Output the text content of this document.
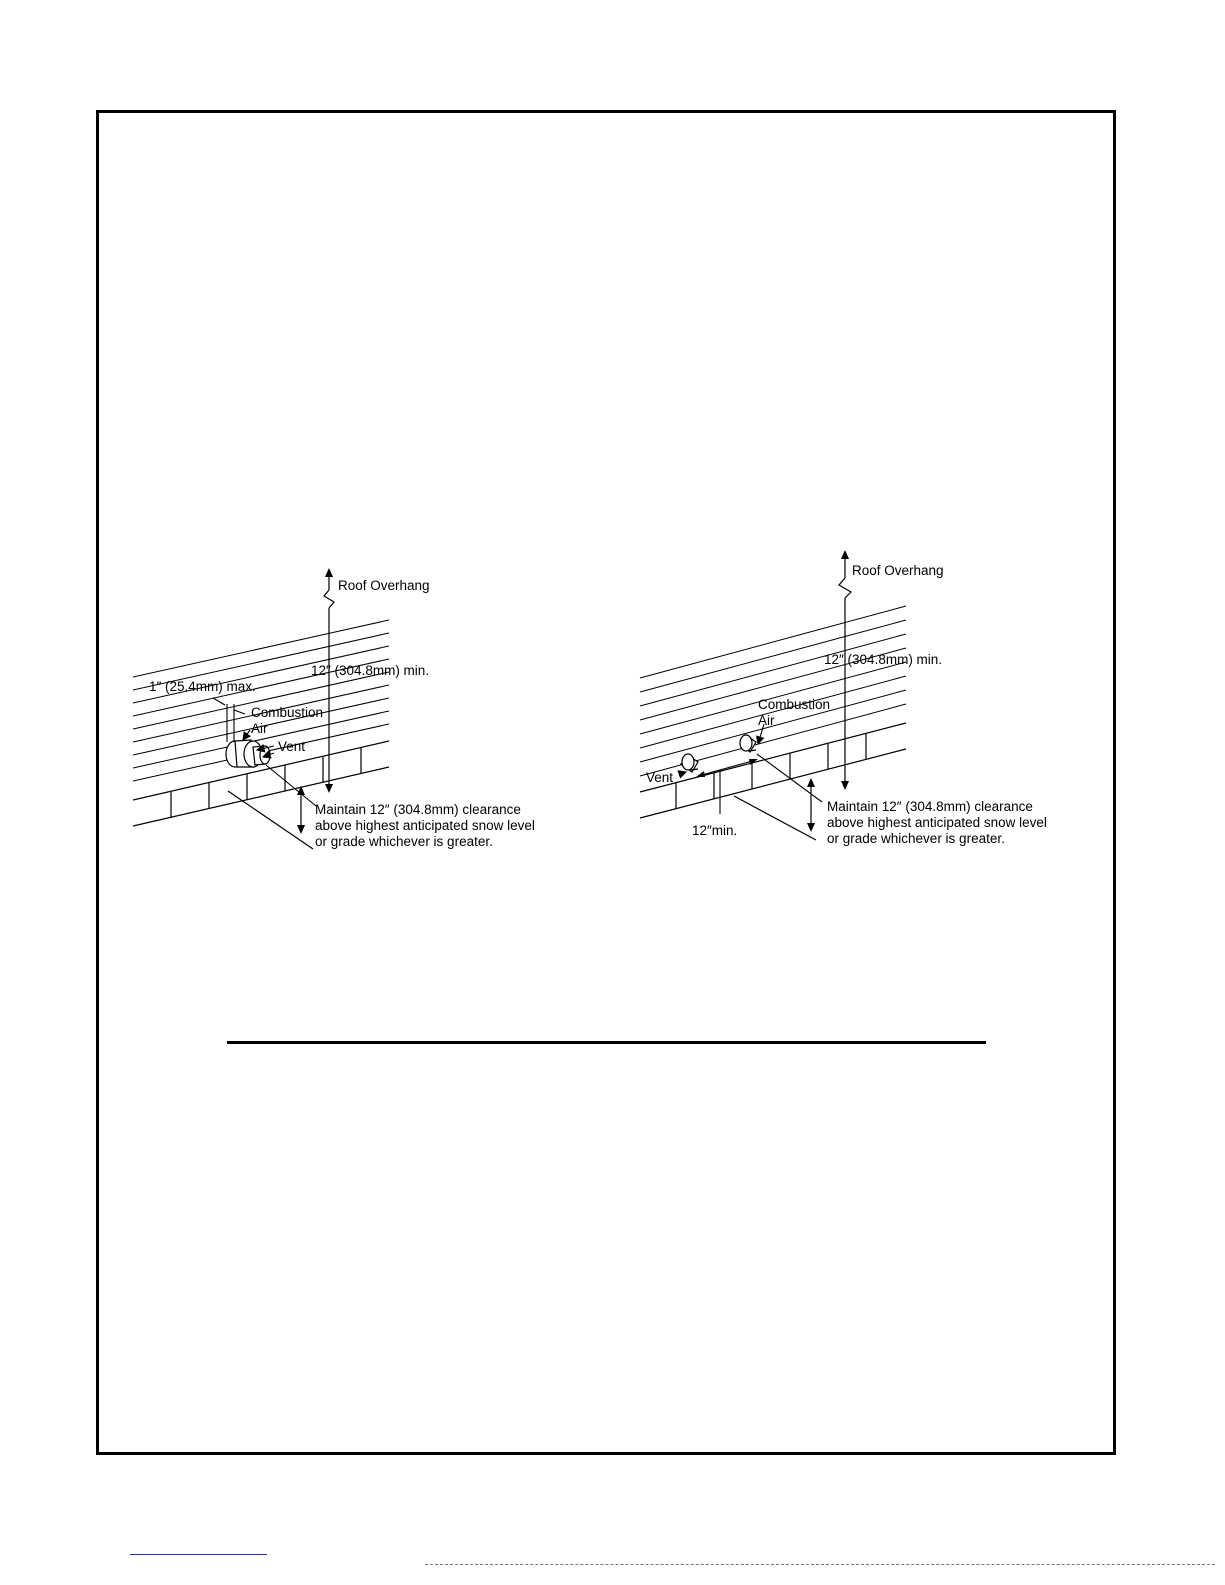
Roof Overhang
12″ (304.8mm) min.
1″ (25.4mm) max.
Combustion
Air
Vent
Maintain 12″ (304.8mm) clearance
above highest anticipated snow level
or grade whichever is greater.
Roof Overhang
12″ (304.8mm) min.
Combustion
Air
Vent
12″min.
Maintain 12″ (304.8mm) clearance
above highest anticipated snow level
or grade whichever is greater.
